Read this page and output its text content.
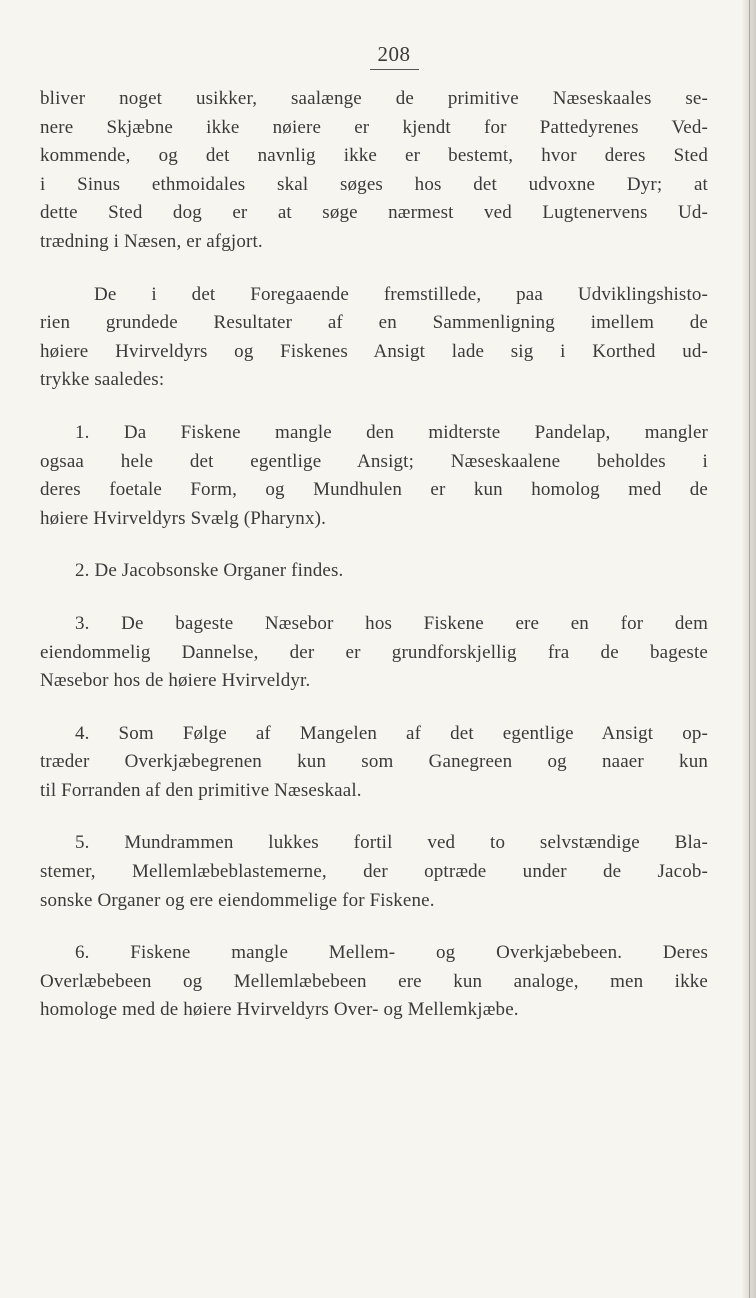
208
bliver noget usikker, saalænge de primitive Næseskaales se-
nere Skjæbne ikke nøiere er kjendt for Pattedyrenes Ved-
kommende, og det navnlig ikke er bestemt, hvor deres Sted
i Sinus ethmoidales skal søges hos det udvoxne Dyr; at
dette Sted dog er at søge nærmest ved Lugtenervens Ud-
trædning i Næsen, er afgjort.
De i det Foregaaende fremstillede, paa Udviklingshisto-
rien grundede Resultater af en Sammenligning imellem de
høiere Hvirveldyrs og Fiskenes Ansigt lade sig i Korthed ud-
trykke saaledes:
1. Da Fiskene mangle den midterste Pandelap, mangler
ogsaa hele det egentlige Ansigt; Næseskaalene beholdes i
deres foetale Form, og Mundhulen er kun homolog med de
høiere Hvirveldyrs Svælg (Pharynx).
2. De Jacobsonske Organer findes.
3. De bageste Næsebor hos Fiskene ere en for dem
eiendommelig Dannelse, der er grundforskjellig fra de bageste
Næsebor hos de høiere Hvirveldyr.
4. Som Følge af Mangelen af det egentlige Ansigt op-
træder Overkjæbegrenen kun som Ganegreen og naaer kun
til Forranden af den primitive Næseskaal.
5. Mundrammen lukkes fortil ved to selvstændige Bla-
stemer, Mellemlæbeblastemerne, der optræde under de Jacob-
sonske Organer og ere eiendommelige for Fiskene.
6. Fiskene mangle Mellem- og Overkjæbebeen. Deres
Overlæbebeen og Mellemlæbebeen ere kun analoge, men ikke
homologe med de høiere Hvirveldyrs Over- og Mellemkjæbe.
